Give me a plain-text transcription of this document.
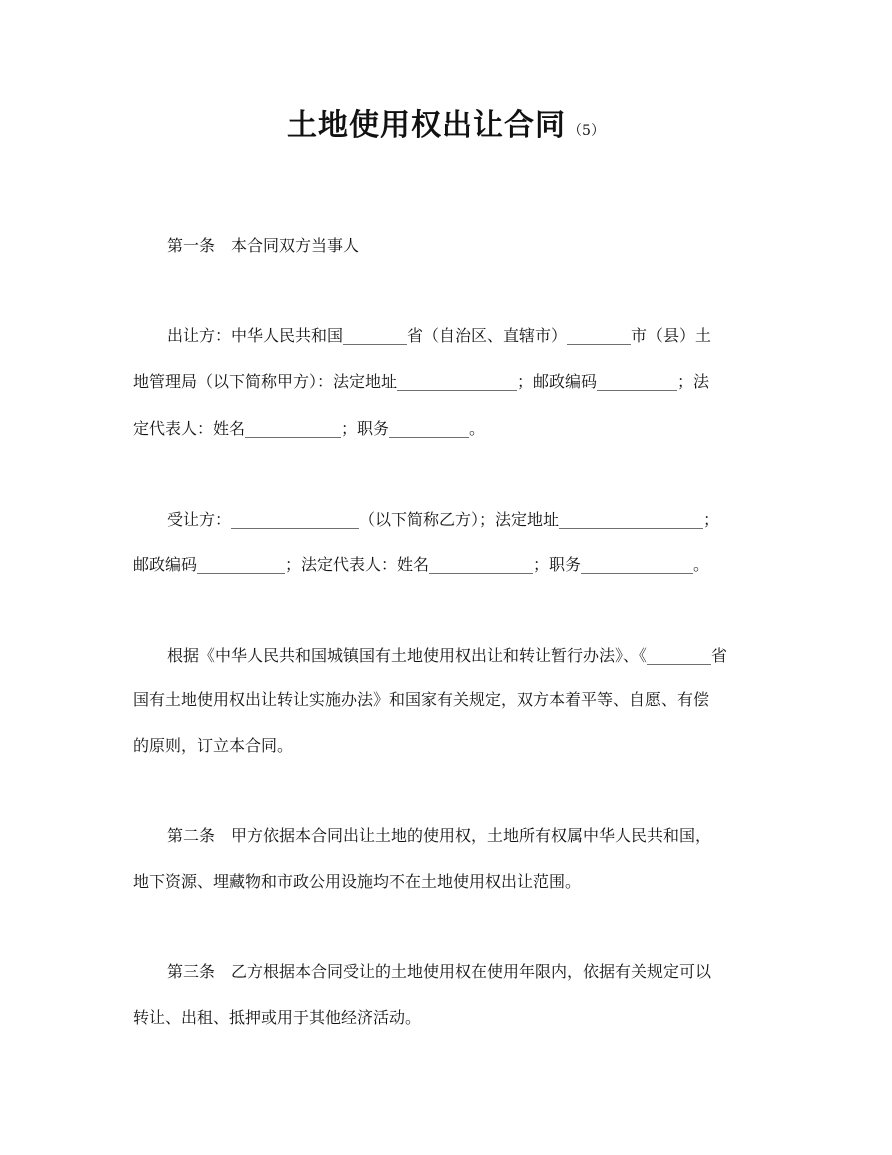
土地使用权出让合同 （5）
第一条　本合同双方当事人
出让方：中华人民共和国________省（自治区、直辖市）________市（县）土
地管理局（以下简称甲方）：法定地址_______________；邮政编码__________；法
定代表人：姓名____________；职务__________。
受让方：________________（以下简称乙方）；法定地址__________________；
邮政编码___________；法定代表人：姓名_____________；职务______________。
根据《中华人民共和国城镇国有土地使用权出让和转让暂行办法》、《________省
国有土地使用权出让转让实施办法》和国家有关规定，双方本着平等、自愿、有偿
的原则，订立本合同。
第二条　甲方依据本合同出让土地的使用权，土地所有权属中华人民共和国，
地下资源、埋藏物和市政公用设施均不在土地使用权出让范围。
第三条　乙方根据本合同受让的土地使用权在使用年限内，依据有关规定可以
转让、出租、抵押或用于其他经济活动。
